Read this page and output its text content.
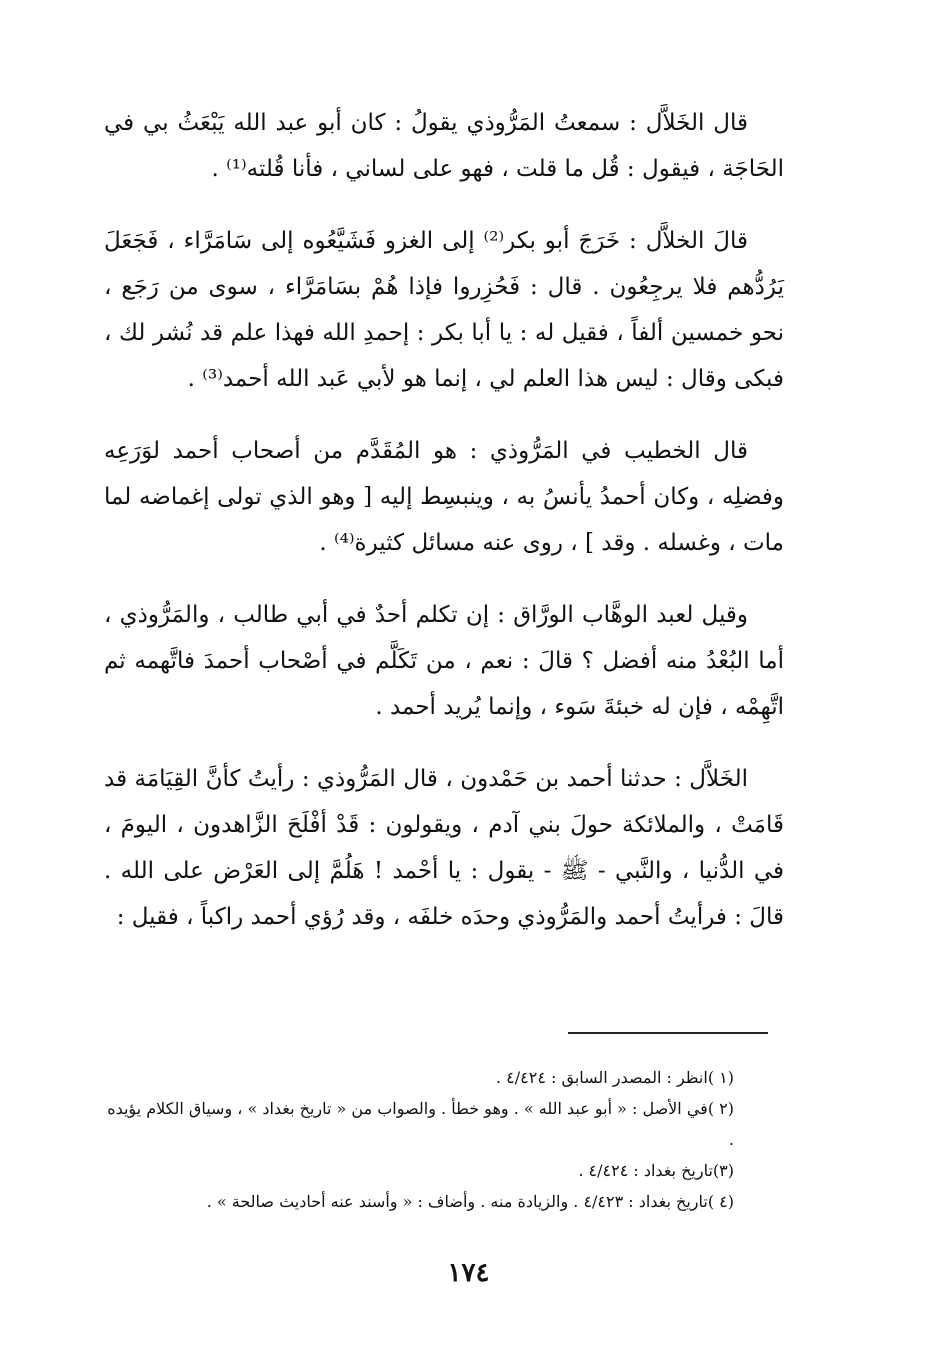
قال الخَلاَّل : سمعتُ المَرُّوذي يقولُ : كان أبو عبد الله يَبْعَثُ بي في الحَاجَة ، فيقول : قُل ما قلت ، فهو على لساني ، فأنا قُلته⁽¹⁾ .

قالَ الخلاَّل : خَرَجَ أبو بكر⁽²⁾ إلى الغزو فَشَيَّعُوه إلى سَامَرَّاء ، فَجَعَلَ يَرُدُّهم فلا يرجِعُون . قال : فَحُزِروا فإذا هُمْ بسَامَرَّاء ، سوى من رَجَع ، نحو خمسين ألفاً ، فقيل له : يا أبا بكر : إحمدِ الله فهذا علم قد نُشر لك ، فبكى وقال : ليس هذا العلم لي ، إنما هو لأبي عَبد الله أحمد⁽³⁾ .

قال الخطيب في المَرُّوذي : هو المُقَدَّم من أصحاب أحمد لوَرَعِه وفضلِه ، وكان أحمدُ يأنسُ به ، وينبسِط إليه [ وهو الذي تولى إغماضه لما مات ، وغسله . وقد ] ، روى عنه مسائل كثيرة⁽⁴⁾ .

وقيل لعبد الوهَّاب الورَّاق : إن تكلم أحدٌ في أبي طالب ، والمَرُّوذي ، أما البُعْدُ منه أفضل ؟ قالَ : نعم ، من تَكَلَّم في أصْحاب أحمدَ فاتَّهمه ثم اتَّهِمْه ، فإن له خبئةَ سَوء ، وإنما يُريد أحمد .

الخَلاَّل : حدثنا أحمد بن حَمْدون ، قال المَرُّوذي : رأيتُ كأنَّ القِيَامَة قد قَامَتْ ، والملائكة حولَ بني آدم ، ويقولون : قَدْ أفْلَحَ الزَّاهدون ، اليومَ ، في الدُّنيا ، والنَّبي - ﷺ - يقول : يا أحْمد ! هَلُمَّ إلى العَرْض على الله . قالَ : فرأيتُ أحمد والمَرُّوذي وحدَه خلفَه ، وقد رُؤي أحمد راكباً ، فقيل :

(١ )انظر : المصدر السابق : ٤/٤٢٤ .

(٢ )في الأصل : « أبو عبد الله » . وهو خطأ . والصواب من « تاريخ بغداد » ، وسياق الكلام يؤيده .

(٣)تاريخ بغداد : ٤/٤٢٤ .

(٤ )تاريخ بغداد : ٤/٤٢٣ . والزيادة منه . وأضاف : « وأسند عنه أحاديث صالحة » .

١٧٤
